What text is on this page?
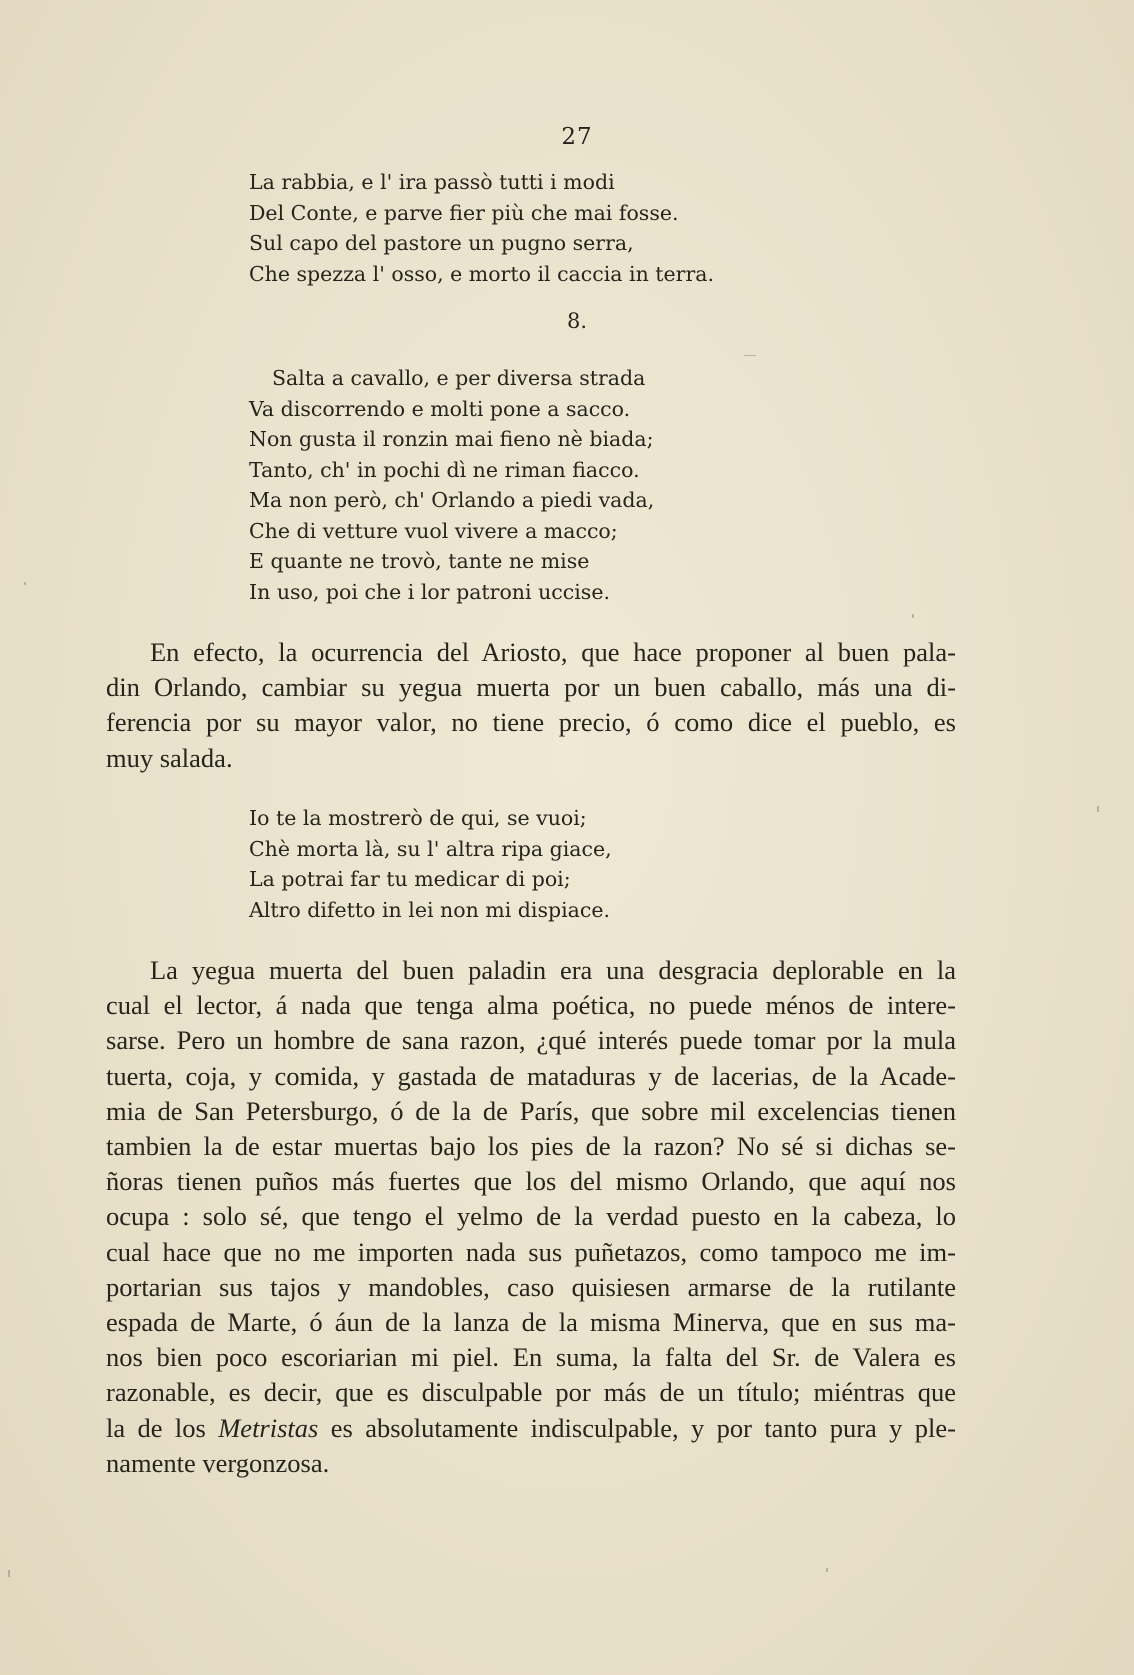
27
La rabbia, e l' ira passò tutti i modi
Del Conte, e parve fier più che mai fosse.
Sul capo del pastore un pugno serra,
Che spezza l' osso, e morto il caccia in terra.
8.
Salta a cavallo, e per diversa strada
Va discorrendo e molti pone a sacco.
Non gusta il ronzin mai fieno nè biada;
Tanto, ch' in pochi dì ne riman fiacco.
Ma non però, ch' Orlando a piedi vada,
Che di vetture vuol vivere a macco;
E quante ne trovò, tante ne mise
In uso, poi che i lor patroni uccise.
En efecto, la ocurrencia del Ariosto, que hace proponer al buen pala-
din Orlando, cambiar su yegua muerta por un buen caballo, más una di-
ferencia por su mayor valor, no tiene precio, ó como dice el pueblo, es
muy salada.
Io te la mostrerò de qui, se vuoi;
Chè morta là, su l' altra ripa giace,
La potrai far tu medicar di poi;
Altro difetto in lei non mi dispiace.
La yegua muerta del buen paladin era una desgracia deplorable en la
cual el lector, á nada que tenga alma poética, no puede ménos de intere-
sarse. Pero un hombre de sana razon, ¿qué interés puede tomar por la mula
tuerta, coja, y comida, y gastada de mataduras y de lacerias, de la Acade-
mia de San Petersburgo, ó de la de París, que sobre mil excelencias tienen
tambien la de estar muertas bajo los pies de la razon? No sé si dichas se-
ñoras tienen puños más fuertes que los del mismo Orlando, que aquí nos
ocupa : solo sé, que tengo el yelmo de la verdad puesto en la cabeza, lo
cual hace que no me importen nada sus puñetazos, como tampoco me im-
portarian sus tajos y mandobles, caso quisiesen armarse de la rutilante
espada de Marte, ó áun de la lanza de la misma Minerva, que en sus ma-
nos bien poco escoriarian mi piel. En suma, la falta del Sr. de Valera es
razonable, es decir, que es disculpable por más de un título; miéntras que
la de los Metristas es absolutamente indisculpable, y por tanto pura y ple-
namente vergonzosa.
